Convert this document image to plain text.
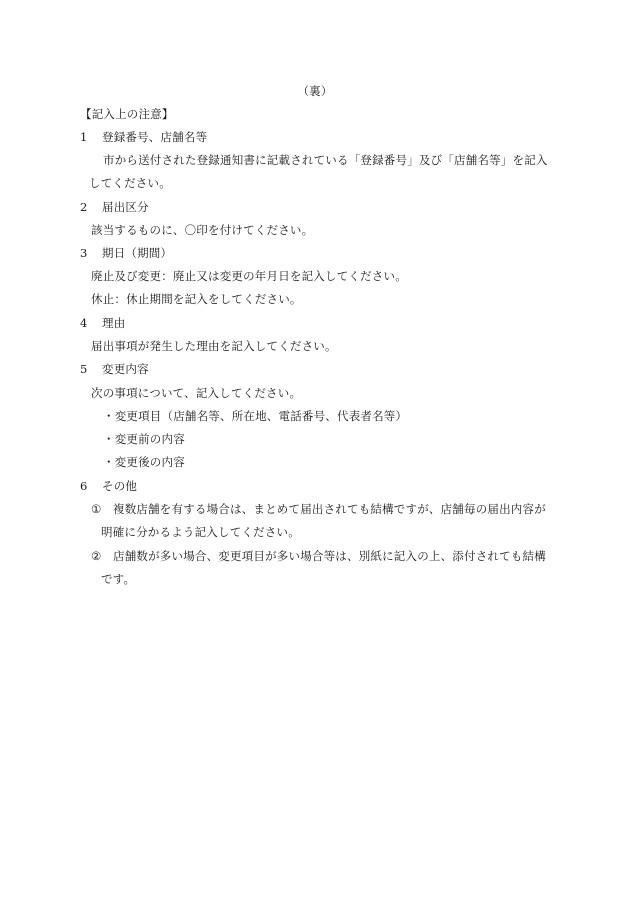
（裏）
【記入上の注意】
1 登録番号、店舗名等
市から送付された登録通知書に記載されている「登録番号」及び「店舗名等」を記入
してください。
2 届出区分
該当するものに、〇印を付けてください。
3 期日（期間）
廃止及び変更：廃止又は変更の年月日を記入してください。
休止：休止期間を記入をしてください。
4 理由
届出事項が発生した理由を記入してください。
5 変更内容
次の事項について、記入してください。
・変更項目（店舗名等、所在地、電話番号、代表者名等）
・変更前の内容
・変更後の内容
6 その他
① 複数店舗を有する場合は、まとめて届出されても結構ですが、店舗毎の届出内容が
明確に分かるよう記入してください。
② 店舗数が多い場合、変更項目が多い場合等は、別紙に記入の上、添付されても結構
です。
